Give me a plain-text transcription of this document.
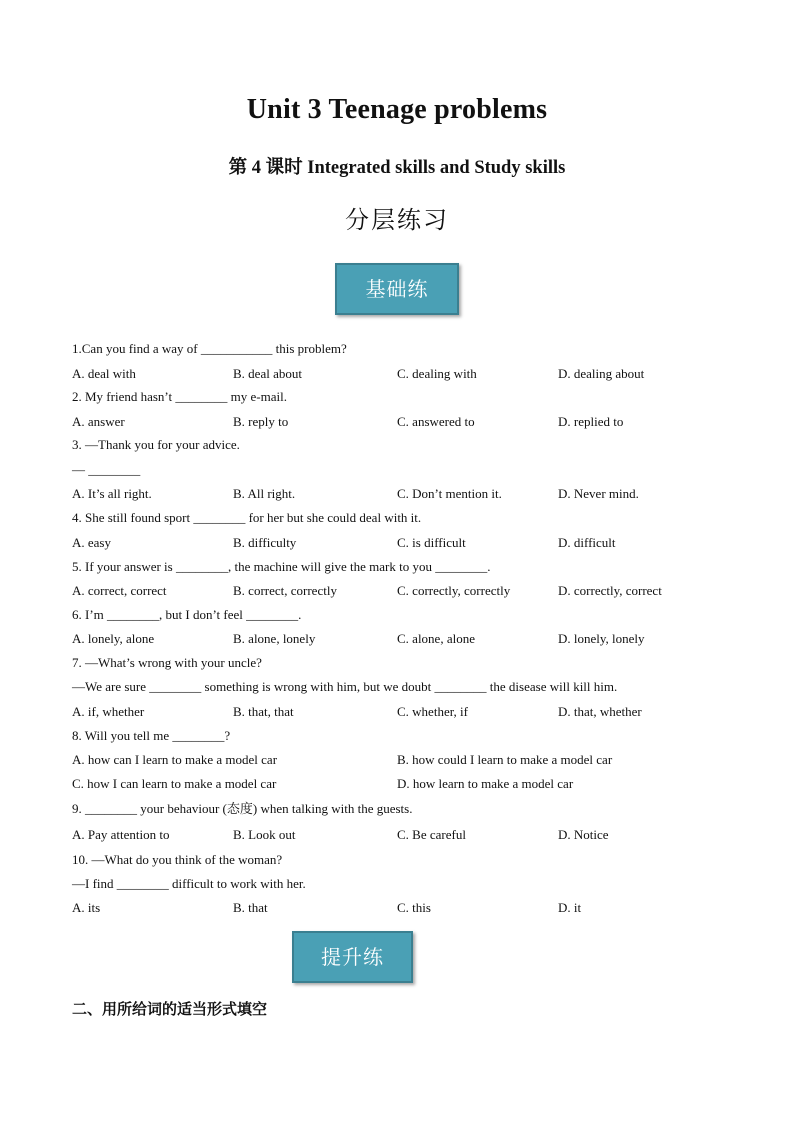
Unit 3 Teenage problems
第 4 课时 Integrated skills and Study skills
分层练习
基础练
1.Can you find a way of ___________ this problem?
A. deal with	B. deal about	C. dealing with	D. dealing about
2. My friend hasn’t ________ my e-mail.
A. answer	B. reply to	C. answered to	D. replied to
3. —Thank you for your advice.
— ________
A. It’s all right.	B. All right.	C. Don’t mention it.	D. Never mind.
4. She still found sport ________ for her but she could deal with it.
A. easy	B. difficulty	C. is difficult	D. difficult
5. If your answer is ________, the machine will give the mark to you ________.
A. correct, correct	B. correct, correctly	C. correctly, correctly	D. correctly, correct
6. I’m ________, but I don’t feel ________.
A. lonely, alone	B. alone, lonely	C. alone, alone	D. lonely, lonely
7. —What’s wrong with your uncle?
—We are sure ________ something is wrong with him, but we doubt ________ the disease will kill him.
A. if, whether	B. that, that	C. whether, if	D. that, whether
8. Will you tell me ________?
A. how can I learn to make a model car	B. how could I learn to make a model car
C. how I can learn to make a model car	D. how learn to make a model car
9. ________ your behaviour (态度) when talking with the guests.
A. Pay attention to	B. Look out	C. Be careful	D. Notice
10. —What do you think of the woman?
—I find ________ difficult to work with her.
A. its	B. that	C. this	D. it
提升练
二、用所给词的适当形式填空
